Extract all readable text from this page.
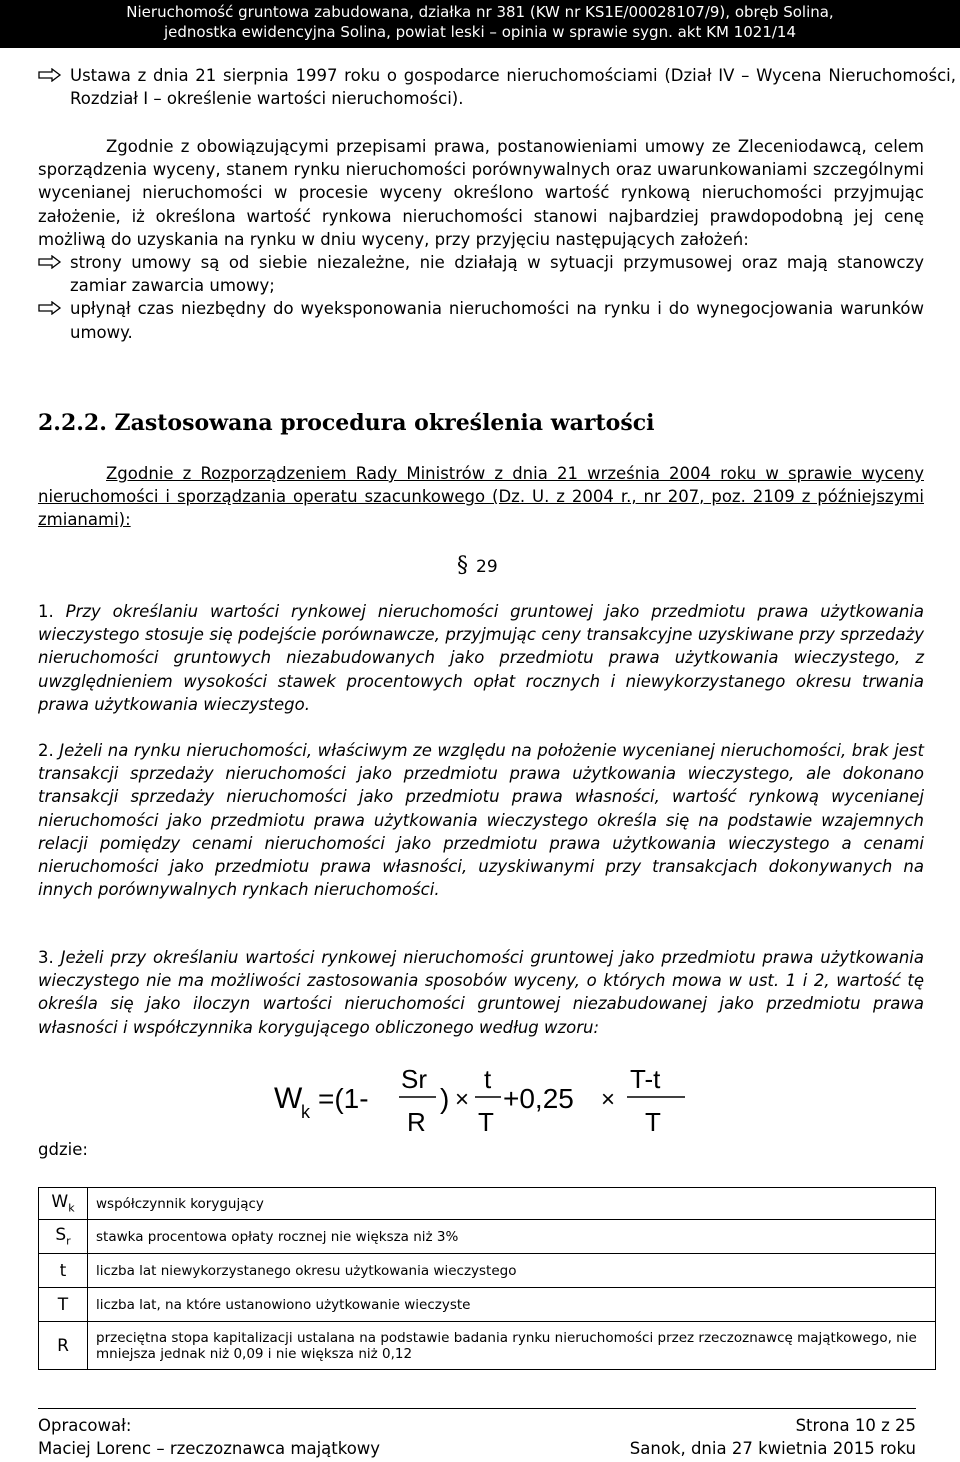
Nieruchomość gruntowa zabudowana, działka nr 381 (KW nr KS1E/00028107/9), obręb Solina,
jednostka ewidencyjna Solina, powiat leski – opinia w sprawie sygn. akt KM 1021/14
Ustawa z dnia 21 sierpnia 1997 roku o gospodarce nieruchomościami (Dział IV – Wycena Nieruchomości, Rozdział I – określenie wartości nieruchomości).
Zgodnie z obowiązującymi przepisami prawa, postanowieniami umowy ze Zleceniodawcą, celem sporządzenia wyceny, stanem rynku nieruchomości porównywalnych oraz uwarunkowaniami szczególnymi wycenianej nieruchomości w procesie wyceny określono wartość rynkową nieruchomości przyjmując założenie, iż określona wartość rynkowa nieruchomości stanowi najbardziej prawdopodobną jej cenę możliwą do uzyskania na rynku w dniu wyceny, przy przyjęciu następujących założeń:
strony umowy są od siebie niezależne, nie działają w sytuacji przymusowej oraz mają stanowczy zamiar zawarcia umowy;
upłynął czas niezbędny do wyeksponowania nieruchomości na rynku i do wynegocjowania warunków umowy.
2.2.2. Zastosowana procedura określenia wartości
Zgodnie z Rozporządzeniem Rady Ministrów z dnia 21 września 2004 roku w sprawie wyceny nieruchomości i sporządzania operatu szacunkowego (Dz. U. z 2004 r., nr 207, poz. 2109 z późniejszymi zmianami):
§ 29
1. Przy określaniu wartości rynkowej nieruchomości gruntowej jako przedmiotu prawa użytkowania wieczystego stosuje się podejście porównawcze, przyjmując ceny transakcyjne uzyskiwane przy sprzedaży nieruchomości gruntowych niezabudowanych jako przedmiotu prawa użytkowania wieczystego, z uwzględnieniem wysokości stawek procentowych opłat rocznych i niewykorzystanego okresu trwania prawa użytkowania wieczystego.
2. Jeżeli na rynku nieruchomości, właściwym ze względu na położenie wycenianej nieruchomości, brak jest transakcji sprzedaży nieruchomości jako przedmiotu prawa użytkowania wieczystego, ale dokonano transakcji sprzedaży nieruchomości jako przedmiotu prawa własności, wartość rynkową wycenianej nieruchomości jako przedmiotu prawa użytkowania wieczystego określa się na podstawie wzajemnych relacji pomiędzy cenami nieruchomości jako przedmiotu prawa użytkowania wieczystego a cenami nieruchomości jako przedmiotu prawa własności, uzyskiwanymi przy transakcjach dokonywanych na innych porównywalnych rynkach nieruchomości.
3. Jeżeli przy określaniu wartości rynkowej nieruchomości gruntowej jako przedmiotu prawa użytkowania wieczystego nie ma możliwości zastosowania sposobów wyceny, o których mowa w ust. 1 i 2, wartość tę określa się jako iloczyn wartości nieruchomości gruntowej niezabudowanej jako przedmiotu prawa własności i współczynnika korygującego obliczonego według wzoru:
W
k =(1-
Sr
R
) ×
t
T
+0,25 ×
T-t
T
gdzie:
$W_k$	współczynnik korygujący
$S_r$	stawka procentowa opłaty rocznej nie większa niż 3%
t	liczba lat niewykorzystanego okresu użytkowania wieczystego
T	liczba lat, na które ustanowiono użytkowanie wieczyste
R	przeciętna stopa kapitalizacji ustalana na podstawie badania rynku nieruchomości przez rzeczoznawcę majątkowego, nie mniejsza jednak niż 0,09 i nie większa niż 0,12
Opracował:
Maciej Lorenc – rzeczoznawca majątkowy
Strona 10 z 25
Sanok, dnia 27 kwietnia 2015 roku
